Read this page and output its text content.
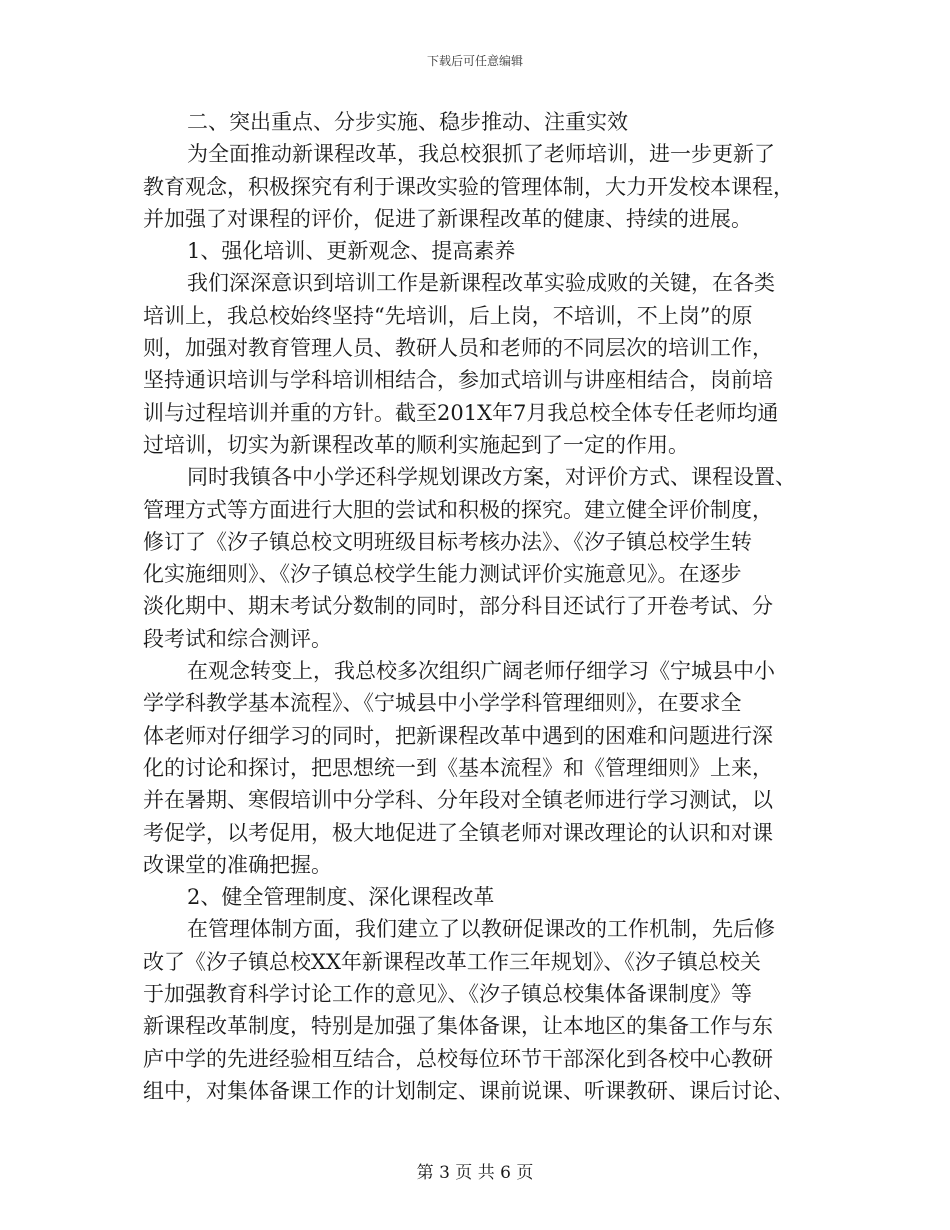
下载后可任意编辑
二、突出重点、分步实施、稳步推动、注重实效
为全面推动新课程改革，我总校狠抓了老师培训，进一步更新了
教育观念，积极探究有利于课改实验的管理体制，大力开发校本课程，
并加强了对课程的评价，促进了新课程改革的健康、持续的进展。
1、强化培训、更新观念、提高素养
我们深深意识到培训工作是新课程改革实验成败的关键，在各类
培训上，我总校始终坚持“先培训，后上岗，不培训，不上岗”的原
则，加强对教育管理人员、教研人员和老师的不同层次的培训工作，
坚持通识培训与学科培训相结合，参加式培训与讲座相结合，岗前培
训与过程培训并重的方针。截至201X年7月我总校全体专任老师均通
过培训，切实为新课程改革的顺利实施起到了一定的作用。
同时我镇各中小学还科学规划课改方案，对评价方式、课程设置、
管理方式等方面进行大胆的尝试和积极的探究。建立健全评价制度，
修订了《汐子镇总校文明班级目标考核办法》、《汐子镇总校学生转
化实施细则》、《汐子镇总校学生能力测试评价实施意见》。在逐步
淡化期中、期末考试分数制的同时，部分科目还试行了开卷考试、分
段考试和综合测评。
在观念转变上，我总校多次组织广阔老师仔细学习《宁城县中小
学学科教学基本流程》、《宁城县中小学学科管理细则》，在要求全
体老师对仔细学习的同时，把新课程改革中遇到的困难和问题进行深
化的讨论和探讨，把思想统一到《基本流程》和《管理细则》上来，
并在暑期、寒假培训中分学科、分年段对全镇老师进行学习测试，以
考促学，以考促用，极大地促进了全镇老师对课改理论的认识和对课
改课堂的准确把握。
2、健全管理制度、深化课程改革
在管理体制方面，我们建立了以教研促课改的工作机制，先后修
改了《汐子镇总校XX年新课程改革工作三年规划》、《汐子镇总校关
于加强教育科学讨论工作的意见》、《汐子镇总校集体备课制度》等
新课程改革制度，特别是加强了集体备课，让本地区的集备工作与东
庐中学的先进经验相互结合，总校每位环节干部深化到各校中心教研
组中，对集体备课工作的计划制定、课前说课、听课教研、课后讨论、
第 3 页 共 6 页
